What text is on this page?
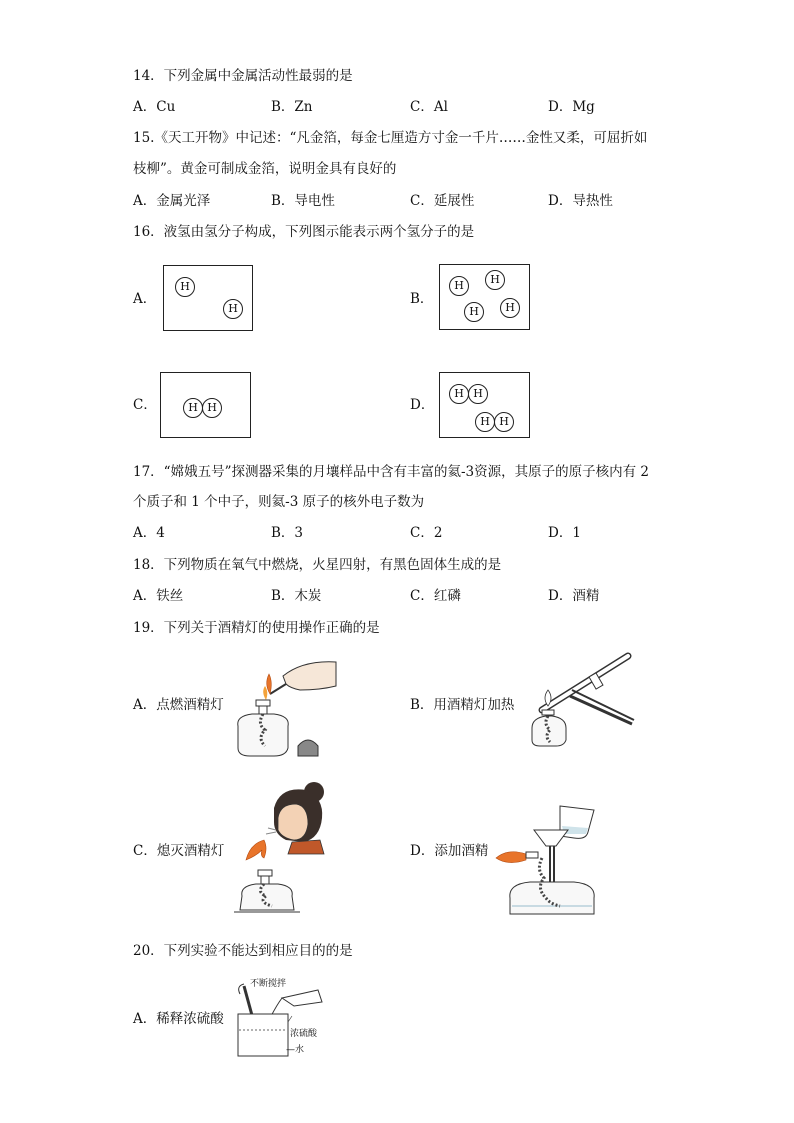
14．下列金属中金属活动性最弱的是
A．Cu	B．Zn	C．Al	D．Mg
15.《天工开物》中记述：“凡金箔，每金七厘造方寸金一千片……金性又柔，可屈折如
枝柳”。黄金可制成金箔，说明金具有良好的
A．金属光泽	B．导电性	C．延展性	D．导热性
16．液氢由氢分子构成，下列图示能表示两个氢分子的是
A．
H
H
B．
H	H
H	H
C．	H H	D．
H H
H H
17．“嫦娥五号”探测器采集的月壤样品中含有丰富的氦-3资源，其原子的原子核内有 2
个质子和 1 个中子，则氦-3 原子的核外电子数为
A．4	B．3	C．2	D．1
18．下列物质在氧气中燃烧，火星四射，有黑色固体生成的是
A．铁丝	B．木炭	C．红磷	D．酒精
19．下列关于酒精灯的使用操作正确的是
A．点燃酒精灯	B．用酒精灯加热
C．熄灭酒精灯	D．添加酒精
20．下列实验不能达到相应目的的是
A．稀释浓硫酸
不断搅拌
浓硫酸
—水
